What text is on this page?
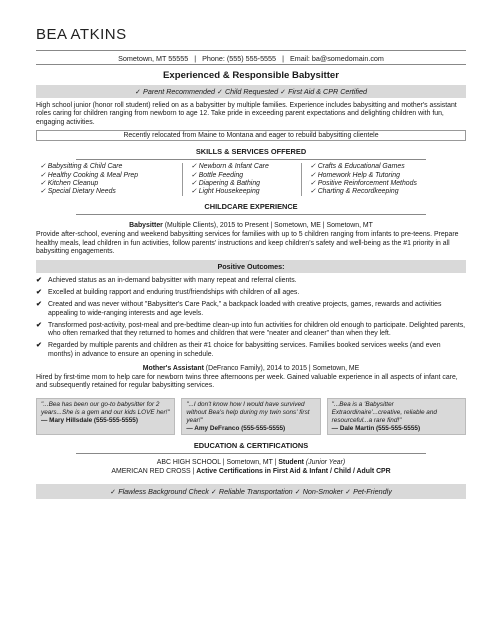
BEA ATKINS
Sometown, MT 55555 | Phone: (555) 555-5555 | Email: ba@somedomain.com
Experienced & Responsible Babysitter
✓ Parent Recommended ✓ Child Requested ✓ First Aid & CPR Certified

High school junior (honor roll student) relied on as a babysitter by multiple families. Experience includes babysitting and mother's assistant roles caring for children ranging from newborn to age 12. Take pride in exceeding parent expectations and delighting children with fun, engaging activities.

Recently relocated from Maine to Montana and eager to rebuild babysitting clientele
SKILLS & SERVICES OFFERED
✓ Babysitting & Child Care
✓ Healthy Cooking & Meal Prep
✓ Kitchen Cleanup
✓ Special Dietary Needs
✓ Newborn & Infant Care
✓ Bottle Feeding
✓ Diapering & Bathing
✓ Light Housekeeping
✓ Crafts & Educational Games
✓ Homework Help & Tutoring
✓ Positive Reinforcement Methods
✓ Charting & Recordkeeping
CHILDCARE EXPERIENCE
Babysitter (Multiple Clients), 2015 to Present | Sometown, ME | Sometown, MT

Provide after-school, evening and weekend babysitting services for families with up to 5 children ranging from infants to pre-teens. Prepare healthy meals, lead children in fun activities, follow parents' instructions and keep children's safety and well-being as the #1 priority in all babysitting engagements.

Positive Outcomes:
✔ Achieved status as an in-demand babysitter with many repeat and referral clients.
✔ Excelled at building rapport and enduring trust/friendships with children of all ages.
✔ Created and was never without "Babysitter's Care Pack," a backpack loaded with creative projects, games, rewards and activities appealing to wide-ranging interests and age levels.
✔ Transformed post-activity, post-meal and pre-bedtime clean-up into fun activities for children old enough to participate. Delighted parents, who often remarked that they returned to homes and children that were "neater and cleaner" than when they left.
✔ Regarded by multiple parents and children as their #1 choice for babysitting services. Families booked services weeks (and even months) in advance to ensure an opening in schedule.
Mother's Assistant (DeFranco Family), 2014 to 2015 | Sometown, ME

Hired by first-time mom to help care for newborn twins three afternoons per week. Gained valuable experience in all aspects of infant care, and subsequently retained for regular babysitting services.

"...Bea has been our go-to babysitter for 2 years...She is a gem and our kids LOVE her!"
— Mary Hillsdale (555-555-5555)
"...I don't know how I would have survived without Bea's help during my twin sons' first year!"
— Amy DeFranco (555-555-5555)
"...Bea is a 'Babysitter Extraordinaire'...creative, reliable and resourceful...a rare find!"
— Dale Martin (555-555-5555)
EDUCATION & CERTIFICATIONS
ABC HIGH SCHOOL | Sometown, MT | Student (Junior Year)
AMERICAN RED CROSS | Active Certifications in First Aid & Infant / Child / Adult CPR
✓ Flawless Background Check ✓ Reliable Transportation ✓ Non-Smoker ✓ Pet-Friendly
